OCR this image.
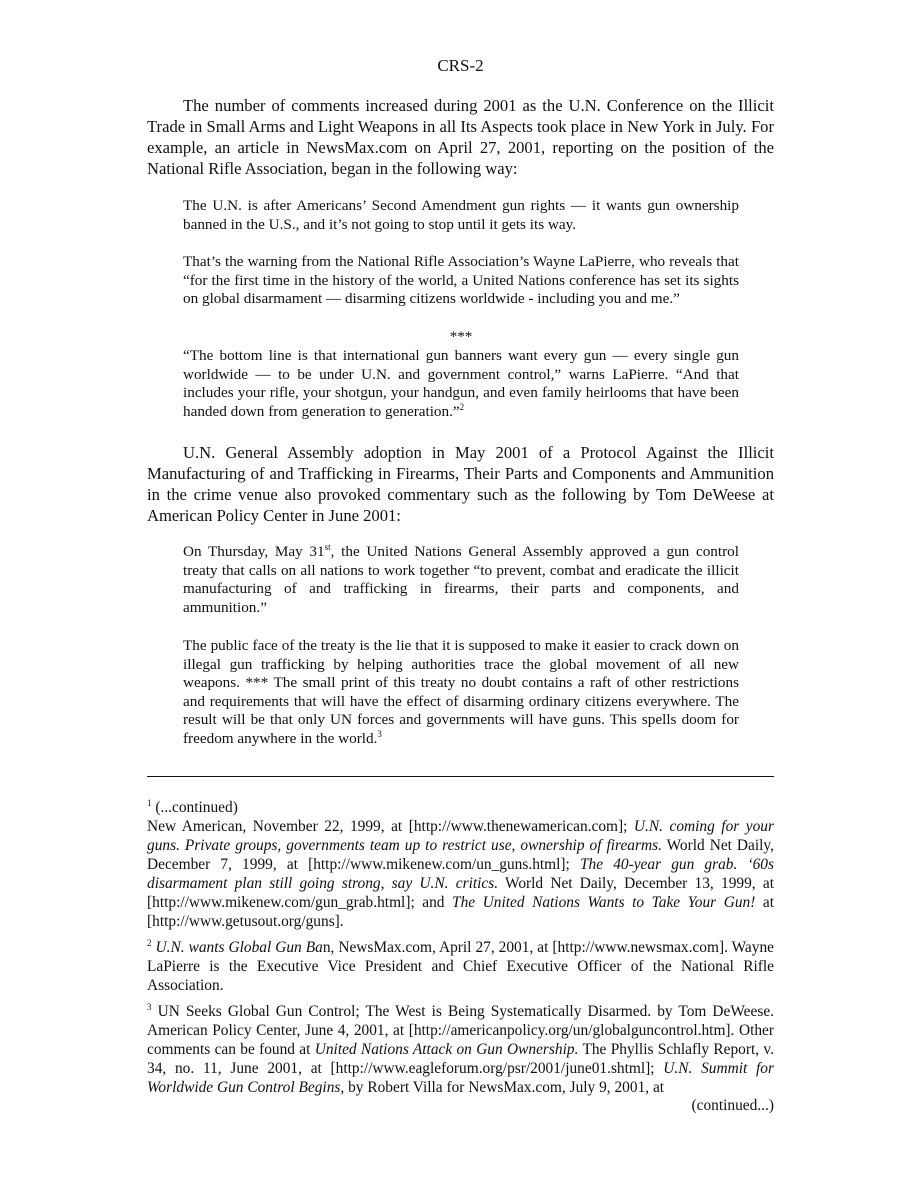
CRS-2

The number of comments increased during 2001 as the U.N. Conference on the Illicit Trade in Small Arms and Light Weapons in all Its Aspects took place in New York in July. For example, an article in NewsMax.com on April 27, 2001, reporting on the position of the National Rifle Association, began in the following way:

The U.N. is after Americans’ Second Amendment gun rights — it wants gun ownership banned in the U.S., and it’s not going to stop until it gets its way.

That’s the warning from the National Rifle Association’s Wayne LaPierre, who reveals that “for the first time in the history of the world, a United Nations conference has set its sights on global disarmament — disarming citizens worldwide - including you and me.”

***

“The bottom line is that international gun banners want every gun — every single gun worldwide — to be under U.N. and government control,” warns LaPierre. “And that includes your rifle, your shotgun, your handgun, and even family heirlooms that have been handed down from generation to generation.”$^2$

U.N. General Assembly adoption in May 2001 of a Protocol Against the Illicit Manufacturing of and Trafficking in Firearms, Their Parts and Components and Ammunition in the crime venue also provoked commentary such as the following by Tom DeWeese at American Policy Center in June 2001:

On Thursday, May 31st, the United Nations General Assembly approved a gun control treaty that calls on all nations to work together “to prevent, combat and eradicate the illicit manufacturing of and trafficking in firearms, their parts and components, and ammunition.”

The public face of the treaty is the lie that it is supposed to make it easier to crack down on illegal gun trafficking by helping authorities trace the global movement of all new weapons. *** The small print of this treaty no doubt contains a raft of other restrictions and requirements that will have the effect of disarming ordinary citizens everywhere. The result will be that only UN forces and governments will have guns. This spells doom for freedom anywhere in the world.$^3$

$^1$ (...continued)
New American, November 22, 1999, at [http://www.thenewamerican.com]; U.N. coming for your guns. Private groups, governments team up to restrict use, ownership of firearms. World Net Daily, December 7, 1999, at [http://www.mikenew.com/un_guns.html]; The 40-year gun grab. ‘60s disarmament plan still going strong, say U.N. critics. World Net Daily, December 13, 1999, at [http://www.mikenew.com/gun_grab.html]; and The United Nations Wants to Take Your Gun! at [http://www.getusout.org/guns].

$^2$ U.N. wants Global Gun Ban, NewsMax.com, April 27, 2001, at [http://www.newsmax.com]. Wayne LaPierre is the Executive Vice President and Chief Executive Officer of the National Rifle Association.

$^3$ UN Seeks Global Gun Control; The West is Being Systematically Disarmed. by Tom DeWeese. American Policy Center, June 4, 2001, at [http://americanpolicy.org/un/globalguncontrol.htm]. Other comments can be found at United Nations Attack on Gun Ownership. The Phyllis Schlafly Report, v. 34, no. 11, June 2001, at [http://www.eagleforum.org/psr/2001/june01.shtml]; U.N. Summit for Worldwide Gun Control Begins, by Robert Villa for NewsMax.com, July 9, 2001, at

(continued...)
